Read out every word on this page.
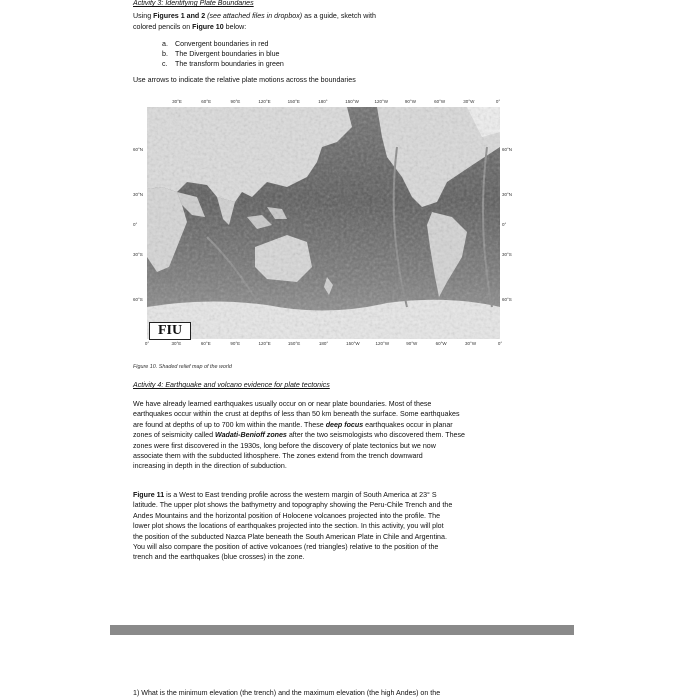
Activity 3: Identifying Plate Boundaries
Using Figures 1 and 2 (see attached files in dropbox) as a guide, sketch with
colored pencils on Figure 10 below:
a. Convergent boundaries in red
b. The Divergent boundaries in blue
c. The transform boundaries in green
Use arrows to indicate the relative plate motions across the boundaries
30°E	60°E	90°E	120°E	150°E	180°	150°W	120°W	90°W	60°W	30°W	0°
0°	30°E	60°E	90°E	120°E	150°E	180°	150°W	120°W	90°W	60°W	30°W	0°
60°N
30°N
0°
30°S
60°S
60°N
30°N
0°
30°S
60°S
FIU
Figure 10. Shaded relief map of the world
Activity 4: Earthquake and volcano evidence for plate tectonics
We have already learned earthquakes usually occur on or near plate boundaries. Most of these
earthquakes occur within the crust at depths of less than 50 km beneath the surface. Some earthquakes
are found at depths of up to 700 km within the mantle. These deep focus earthquakes occur in planar
zones of seismicity called Wadati-Benioff zones after the two seismologists who discovered them. These
zones were first discovered in the 1930s, long before the discovery of plate tectonics but we now
associate them with the subducted lithosphere. The zones extend from the trench downward
increasing in depth in the direction of subduction.
Figure 11 is a West to East trending profile across the western margin of South America at 23° S
latitude. The upper plot shows the bathymetry and topography showing the Peru-Chile Trench and the
Andes Mountains and the horizontal position of Holocene volcanoes projected into the profile. The
lower plot shows the locations of earthquakes projected into the section. In this activity, you will plot
the position of the subducted Nazca Plate beneath the South American Plate in Chile and Argentina.
You will also compare the position of active volcanoes (red triangles) relative to the position of the
trench and the earthquakes (blue crosses) in the zone.
1) What is the minimum elevation (the trench) and the maximum elevation (the high Andes) on the
